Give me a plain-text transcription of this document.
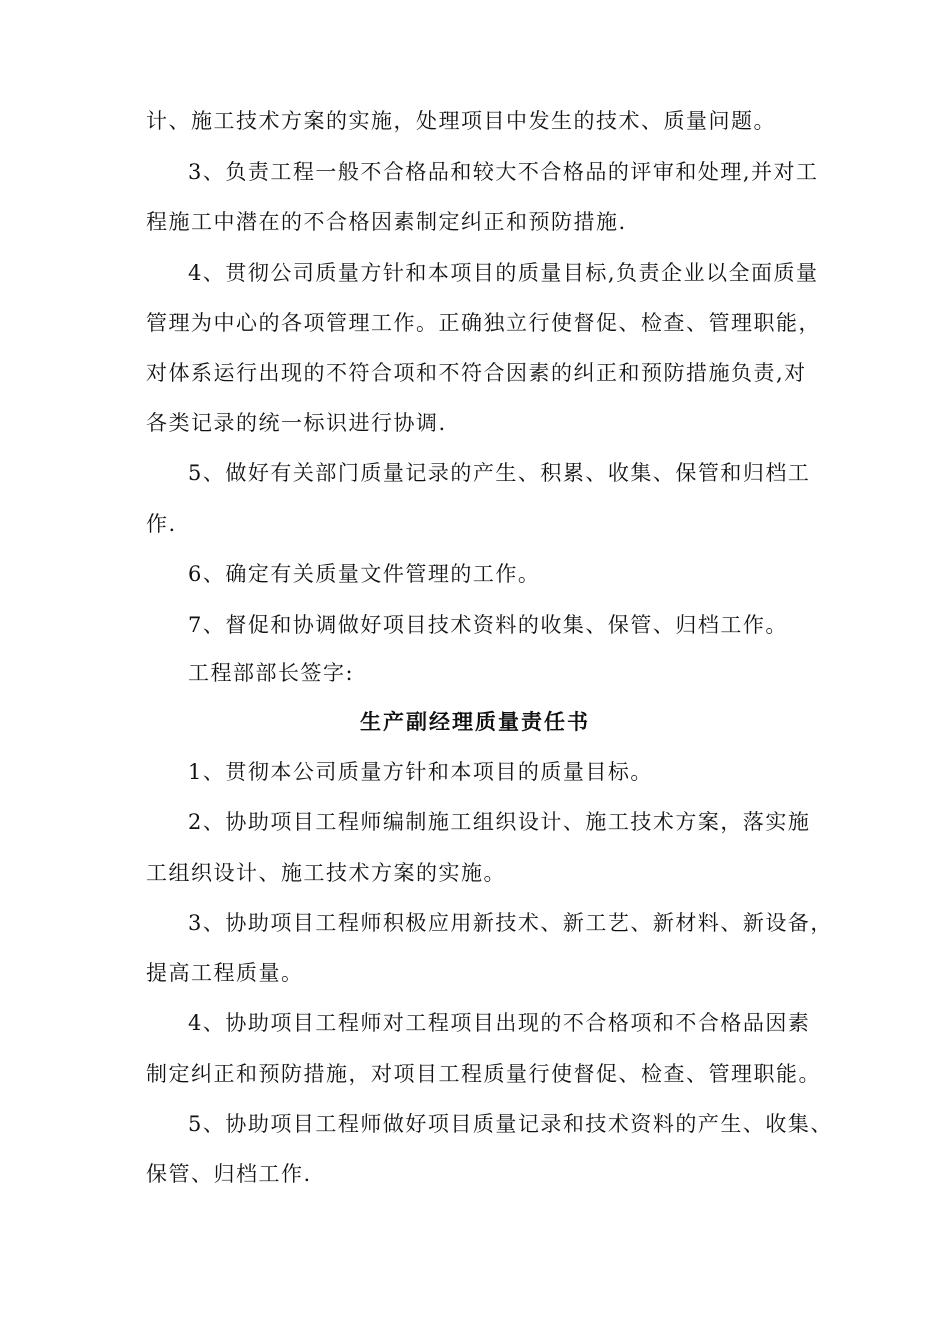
计、施工技术方案的实施，处理项目中发生的技术、质量问题。
3、负责工程一般不合格品和较大不合格品的评审和处理,并对工
程施工中潜在的不合格因素制定纠正和预防措施.
4、贯彻公司质量方针和本项目的质量目标,负责企业以全面质量
管理为中心的各项管理工作。正确独立行使督促、检查、管理职能，
对体系运行出现的不符合项和不符合因素的纠正和预防措施负责,对
各类记录的统一标识进行协调.
5、做好有关部门质量记录的产生、积累、收集、保管和归档工
作.
6、确定有关质量文件管理的工作。
7、督促和协调做好项目技术资料的收集、保管、归档工作。
工程部部长签字:
生产副经理质量责任书
1、贯彻本公司质量方针和本项目的质量目标。
2、协助项目工程师编制施工组织设计、施工技术方案，落实施
工组织设计、施工技术方案的实施。
3、协助项目工程师积极应用新技术、新工艺、新材料、新设备，
提高工程质量。
4、协助项目工程师对工程项目出现的不合格项和不合格品因素
制定纠正和预防措施，对项目工程质量行使督促、检查、管理职能。
5、协助项目工程师做好项目质量记录和技术资料的产生、收集、
保管、归档工作.
